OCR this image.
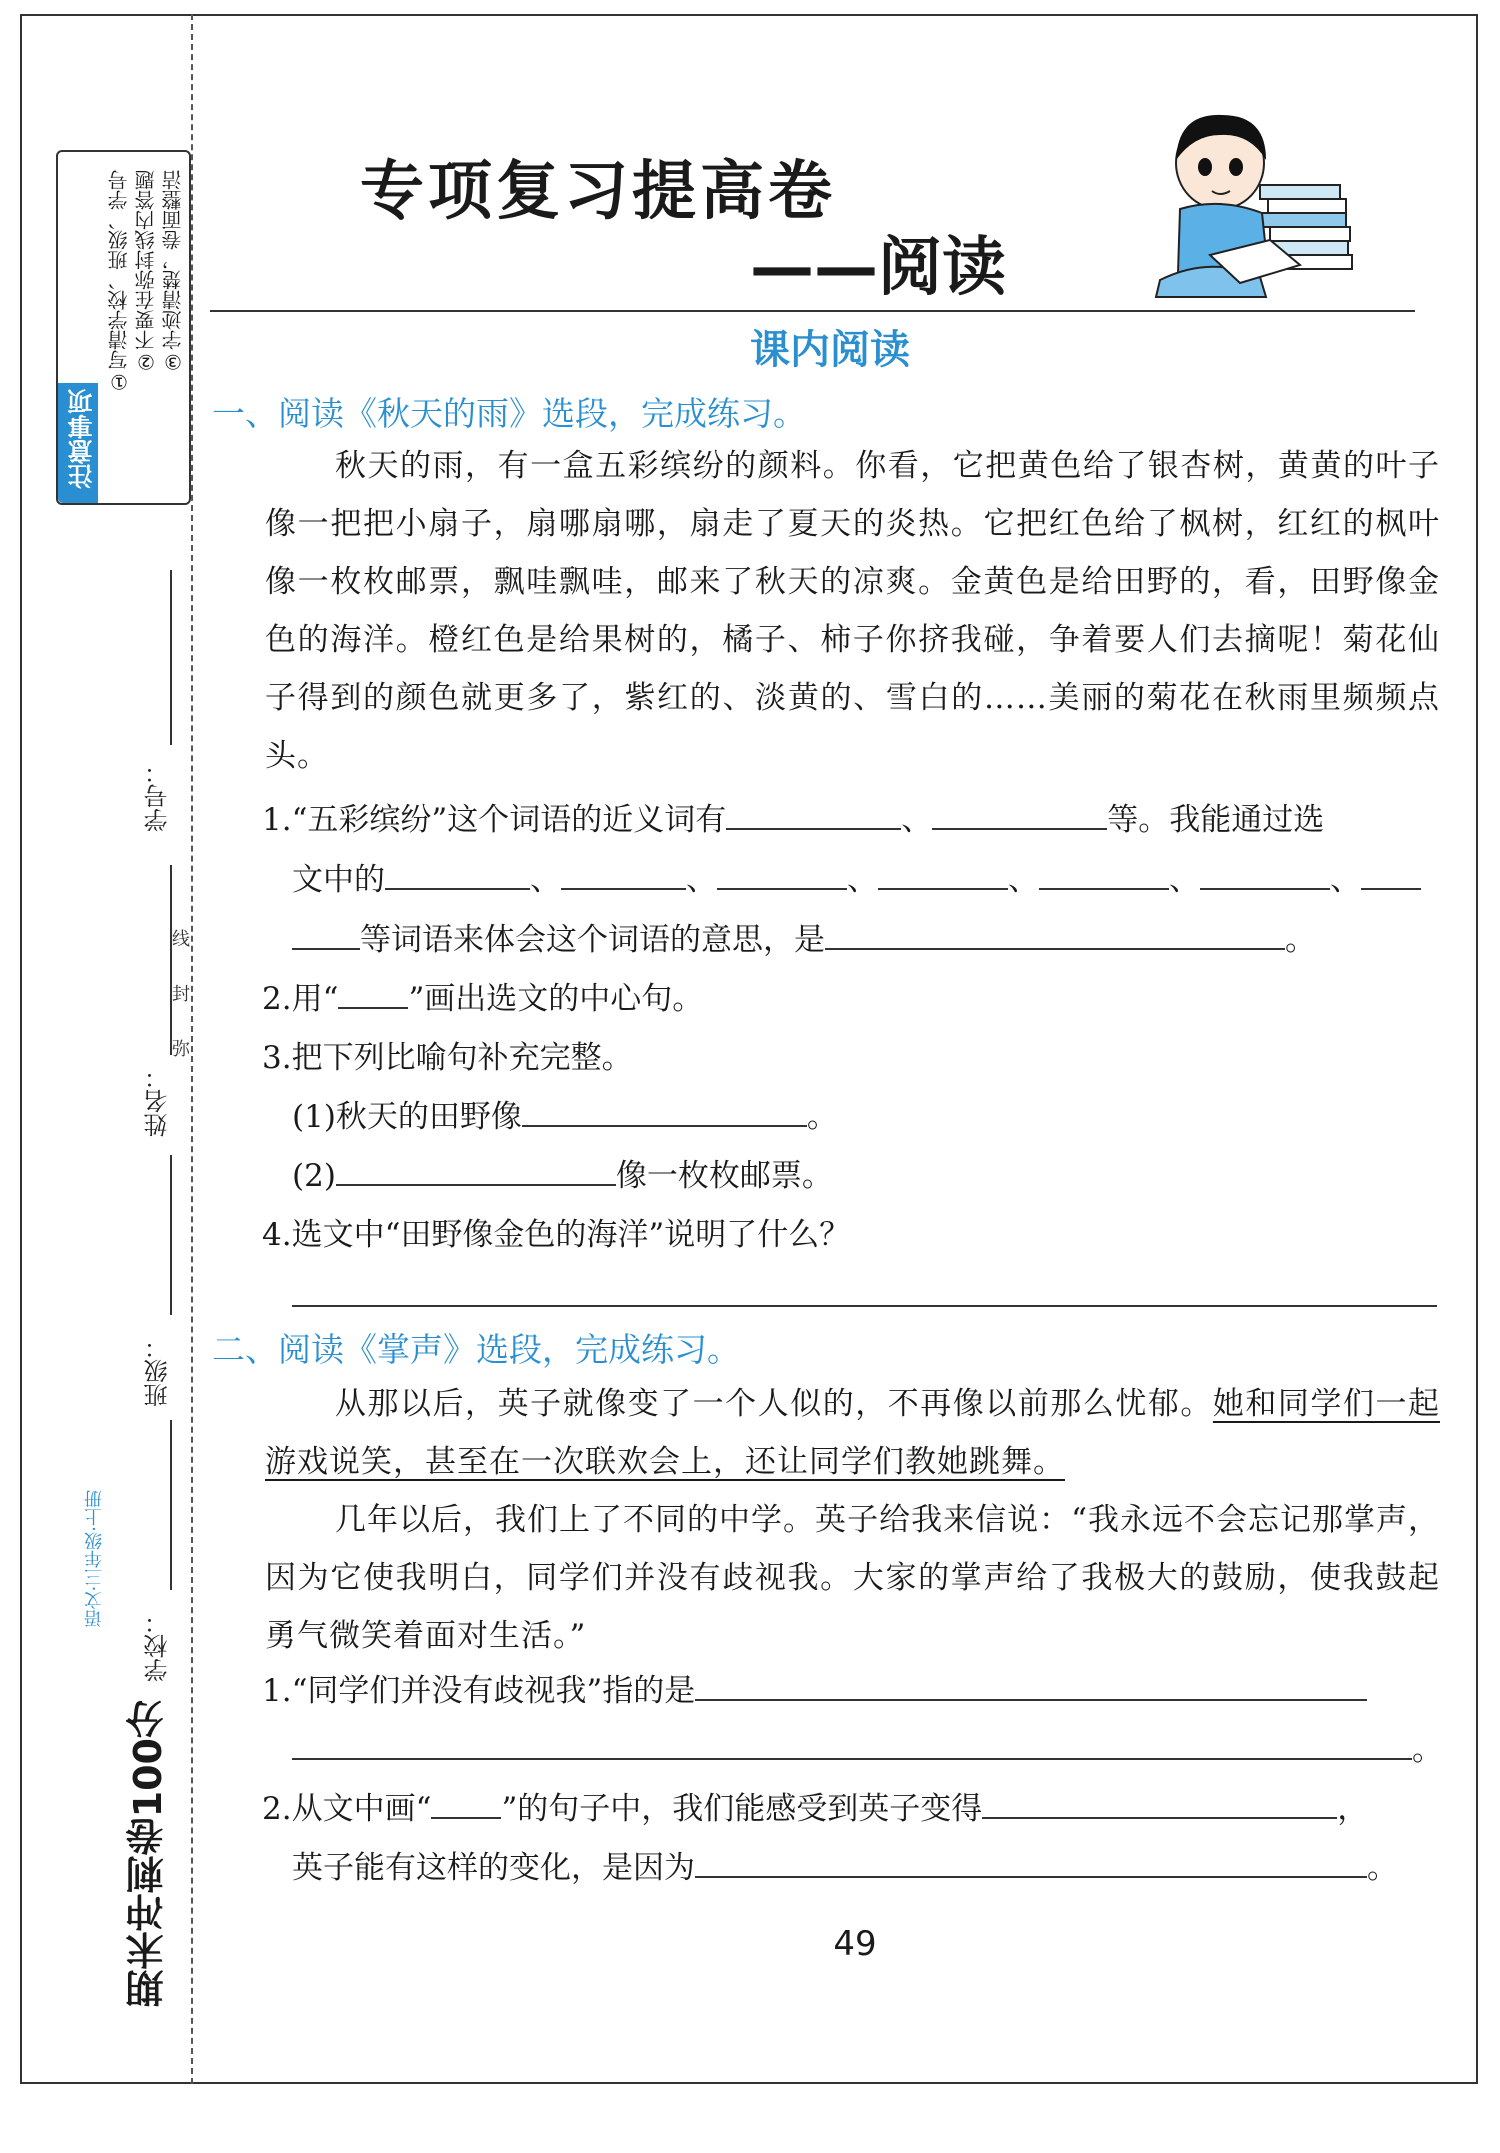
①写清学校、班级、学号 ②不要在弥封线内答题 ③字迹清楚，卷面整洁
注意事项
学号：
姓名：
班级：
学校：
线
封
弥
期末冲刺卷100分
语文·三年级·上册
专项复习提高卷
——阅读
课内阅读
一、阅读《秋天的雨》选段，完成练习。
秋天的雨，有一盒五彩缤纷的颜料。你看，它把黄色给了银杏树，黄黄的叶子像一把把小扇子，扇哪扇哪，扇走了夏天的炎热。它把红色给了枫树，红红的枫叶像一枚枚邮票，飘哇飘哇，邮来了秋天的凉爽。金黄色是给田野的，看，田野像金色的海洋。橙红色是给果树的，橘子、柿子你挤我碰，争着要人们去摘呢！菊花仙子得到的颜色就更多了，紫红的、淡黄的、雪白的……美丽的菊花在秋雨里频频点头。
1.“五彩缤纷”这个词语的近义词有	、	等。我能通过选
文中的	、	、	、	、	、	、
等词语来体会这个词语的意思，是	。
2.用“ ”画出选文的中心句。
3.把下列比喻句补充完整。
(1)秋天的田野像	。
(2)	像一枚枚邮票。
4.选文中“田野像金色的海洋”说明了什么？
二、阅读《掌声》选段，完成练习。
从那以后，英子就像变了一个人似的，不再像以前那么忧郁。她和同学们一起游戏说笑，甚至在一次联欢会上，还让同学们教她跳舞。
几年以后，我们上了不同的中学。英子给我来信说：“我永远不会忘记那掌声，因为它使我明白，同学们并没有歧视我。大家的掌声给了我极大的鼓励，使我鼓起勇气微笑着面对生活。”
1.“同学们并没有歧视我”指的是
。
2.从文中画“ ”的句子中，我们能感受到英子变得	，
英子能有这样的变化，是因为	。
49
